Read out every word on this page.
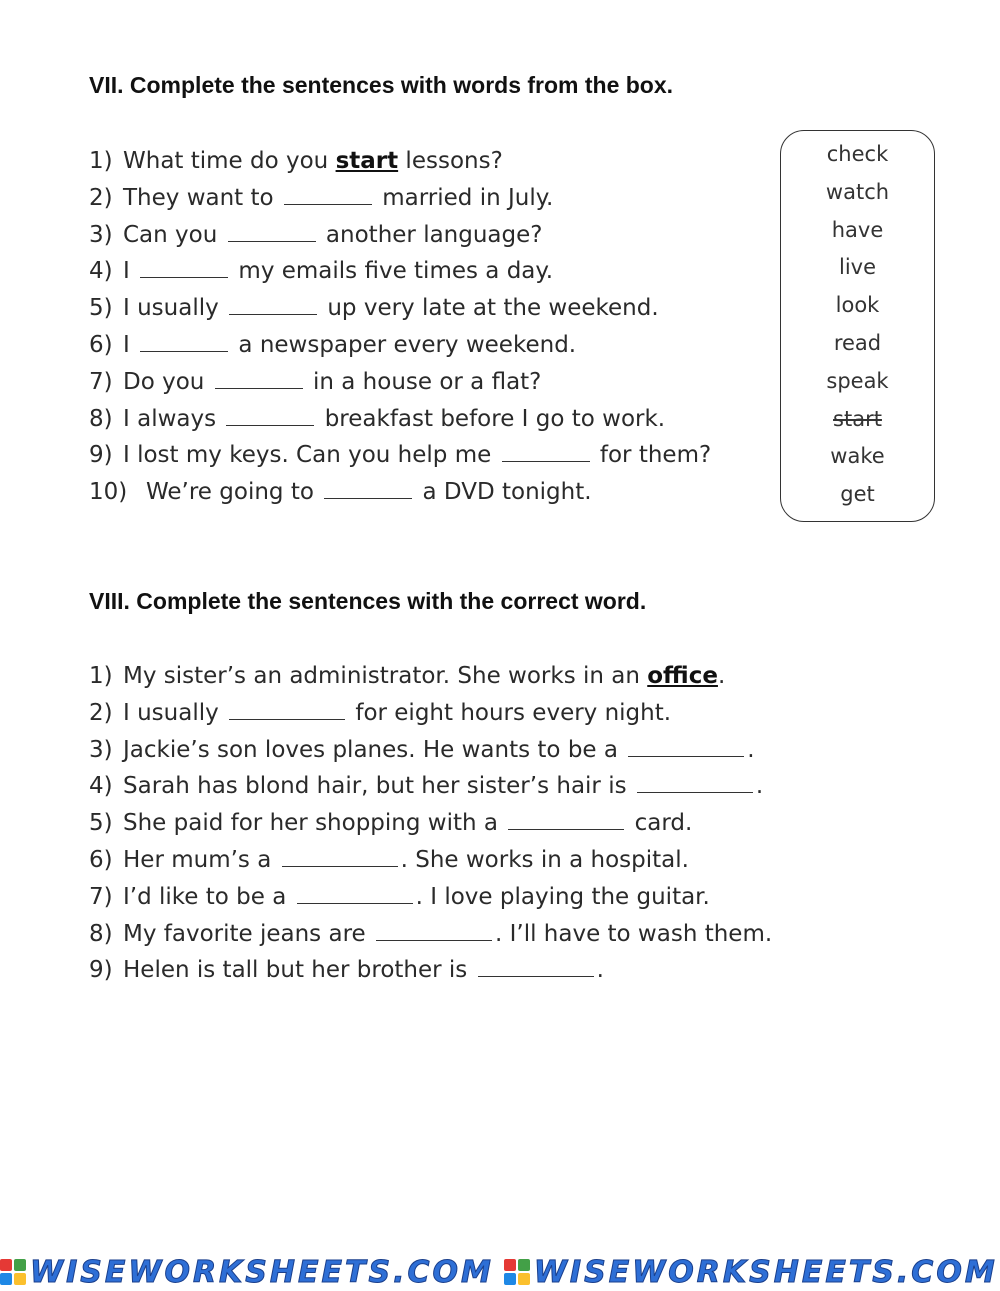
VII. Complete the sentences with words from the box.
1) What time do you start lessons?
2) They want to	married in July.
3) Can you	another language?
4) I	my emails five times a day.
5) I usually	up very late at the weekend.
6) I	a newspaper every weekend.
7) Do you	in a house or a flat?
8) I always	breakfast before I go to work.
9) I lost my keys. Can you help me	for them?
10) We’re going to	a DVD tonight.
check
watch
have
live
look
read
speak
start
wake
get
VIII. Complete the sentences with the correct word.
1) My sister’s an administrator. She works in an office.
2) I usually	for eight hours every night.
3) Jackie’s son loves planes. He wants to be a	.
4) Sarah has blond hair, but her sister’s hair is	.
5) She paid for her shopping with a	card.
6) Her mum’s a	. She works in a hospital.
7) I’d like to be a	. I love playing the guitar.
8) My favorite jeans are	. I’ll have to wash them.
9) Helen is tall but her brother is	.
WISEWORKSHEETS.COM WISEWORKSHEETS.COM
